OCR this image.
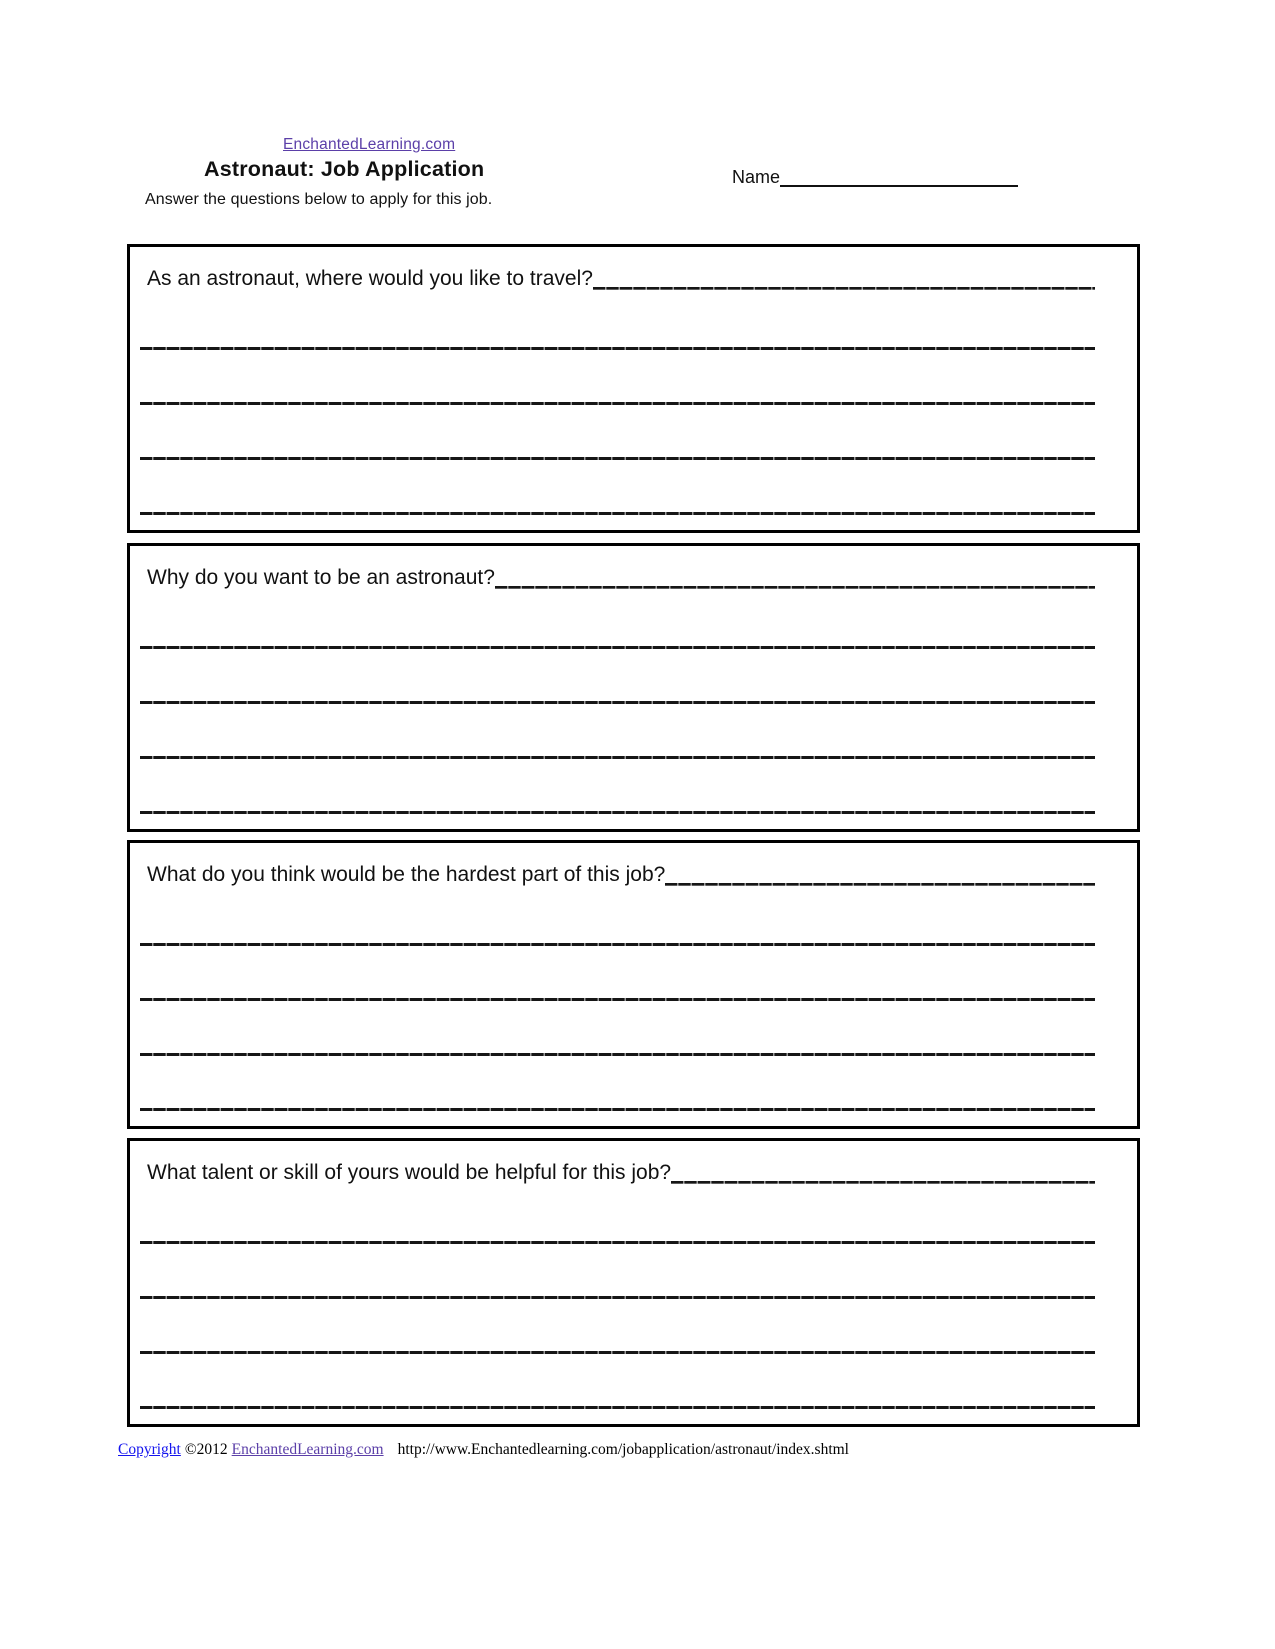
EnchantedLearning.com
Astronaut: Job Application	Name
Answer the questions below to apply for this job.
As an astronaut, where would you like to travel?
Why do you want to be an astronaut?
What do you think would be the hardest part of this job?
What talent or skill of yours would be helpful for this job?
Copyright ©2012 EnchantedLearning.com http://www.Enchantedlearning.com/jobapplication/astronaut/index.shtml
